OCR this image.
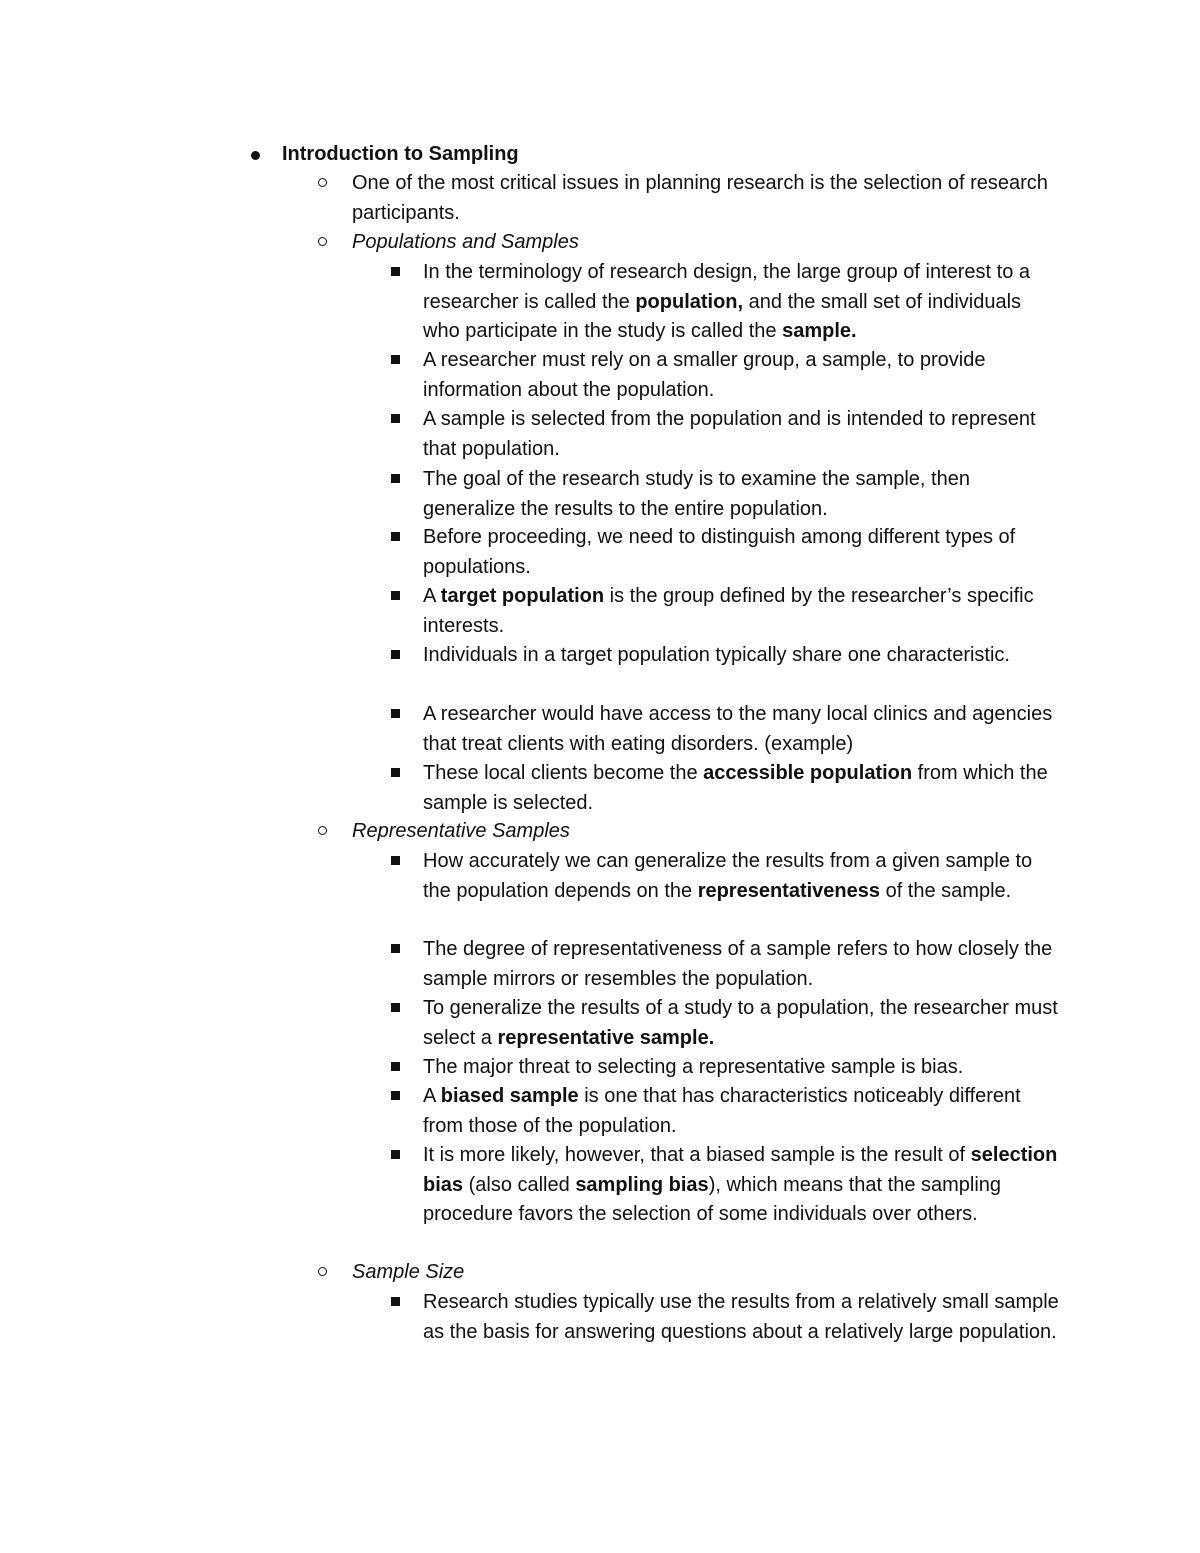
Introduction to Sampling
One of the most critical issues in planning research is the selection of research participants.
Populations and Samples
In the terminology of research design, the large group of interest to a researcher is called the population, and the small set of individuals who participate in the study is called the sample.
A researcher must rely on a smaller group, a sample, to provide information about the population.
A sample is selected from the population and is intended to represent that population.
The goal of the research study is to examine the sample, then generalize the results to the entire population.
Before proceeding, we need to distinguish among different types of populations.
A target population is the group defined by the researcher’s specific interests.
Individuals in a target population typically share one characteristic.
A researcher would have access to the many local clinics and agencies that treat clients with eating disorders. (example)
These local clients become the accessible population from which the sample is selected.
Representative Samples
How accurately we can generalize the results from a given sample to the population depends on the representativeness of the sample.
The degree of representativeness of a sample refers to how closely the sample mirrors or resembles the population.
To generalize the results of a study to a population, the researcher must select a representative sample.
The major threat to selecting a representative sample is bias.
A biased sample is one that has characteristics noticeably different from those of the population.
It is more likely, however, that a biased sample is the result of selection bias (also called sampling bias), which means that the sampling procedure favors the selection of some individuals over others.
Sample Size
Research studies typically use the results from a relatively small sample as the basis for answering questions about a relatively large population.
